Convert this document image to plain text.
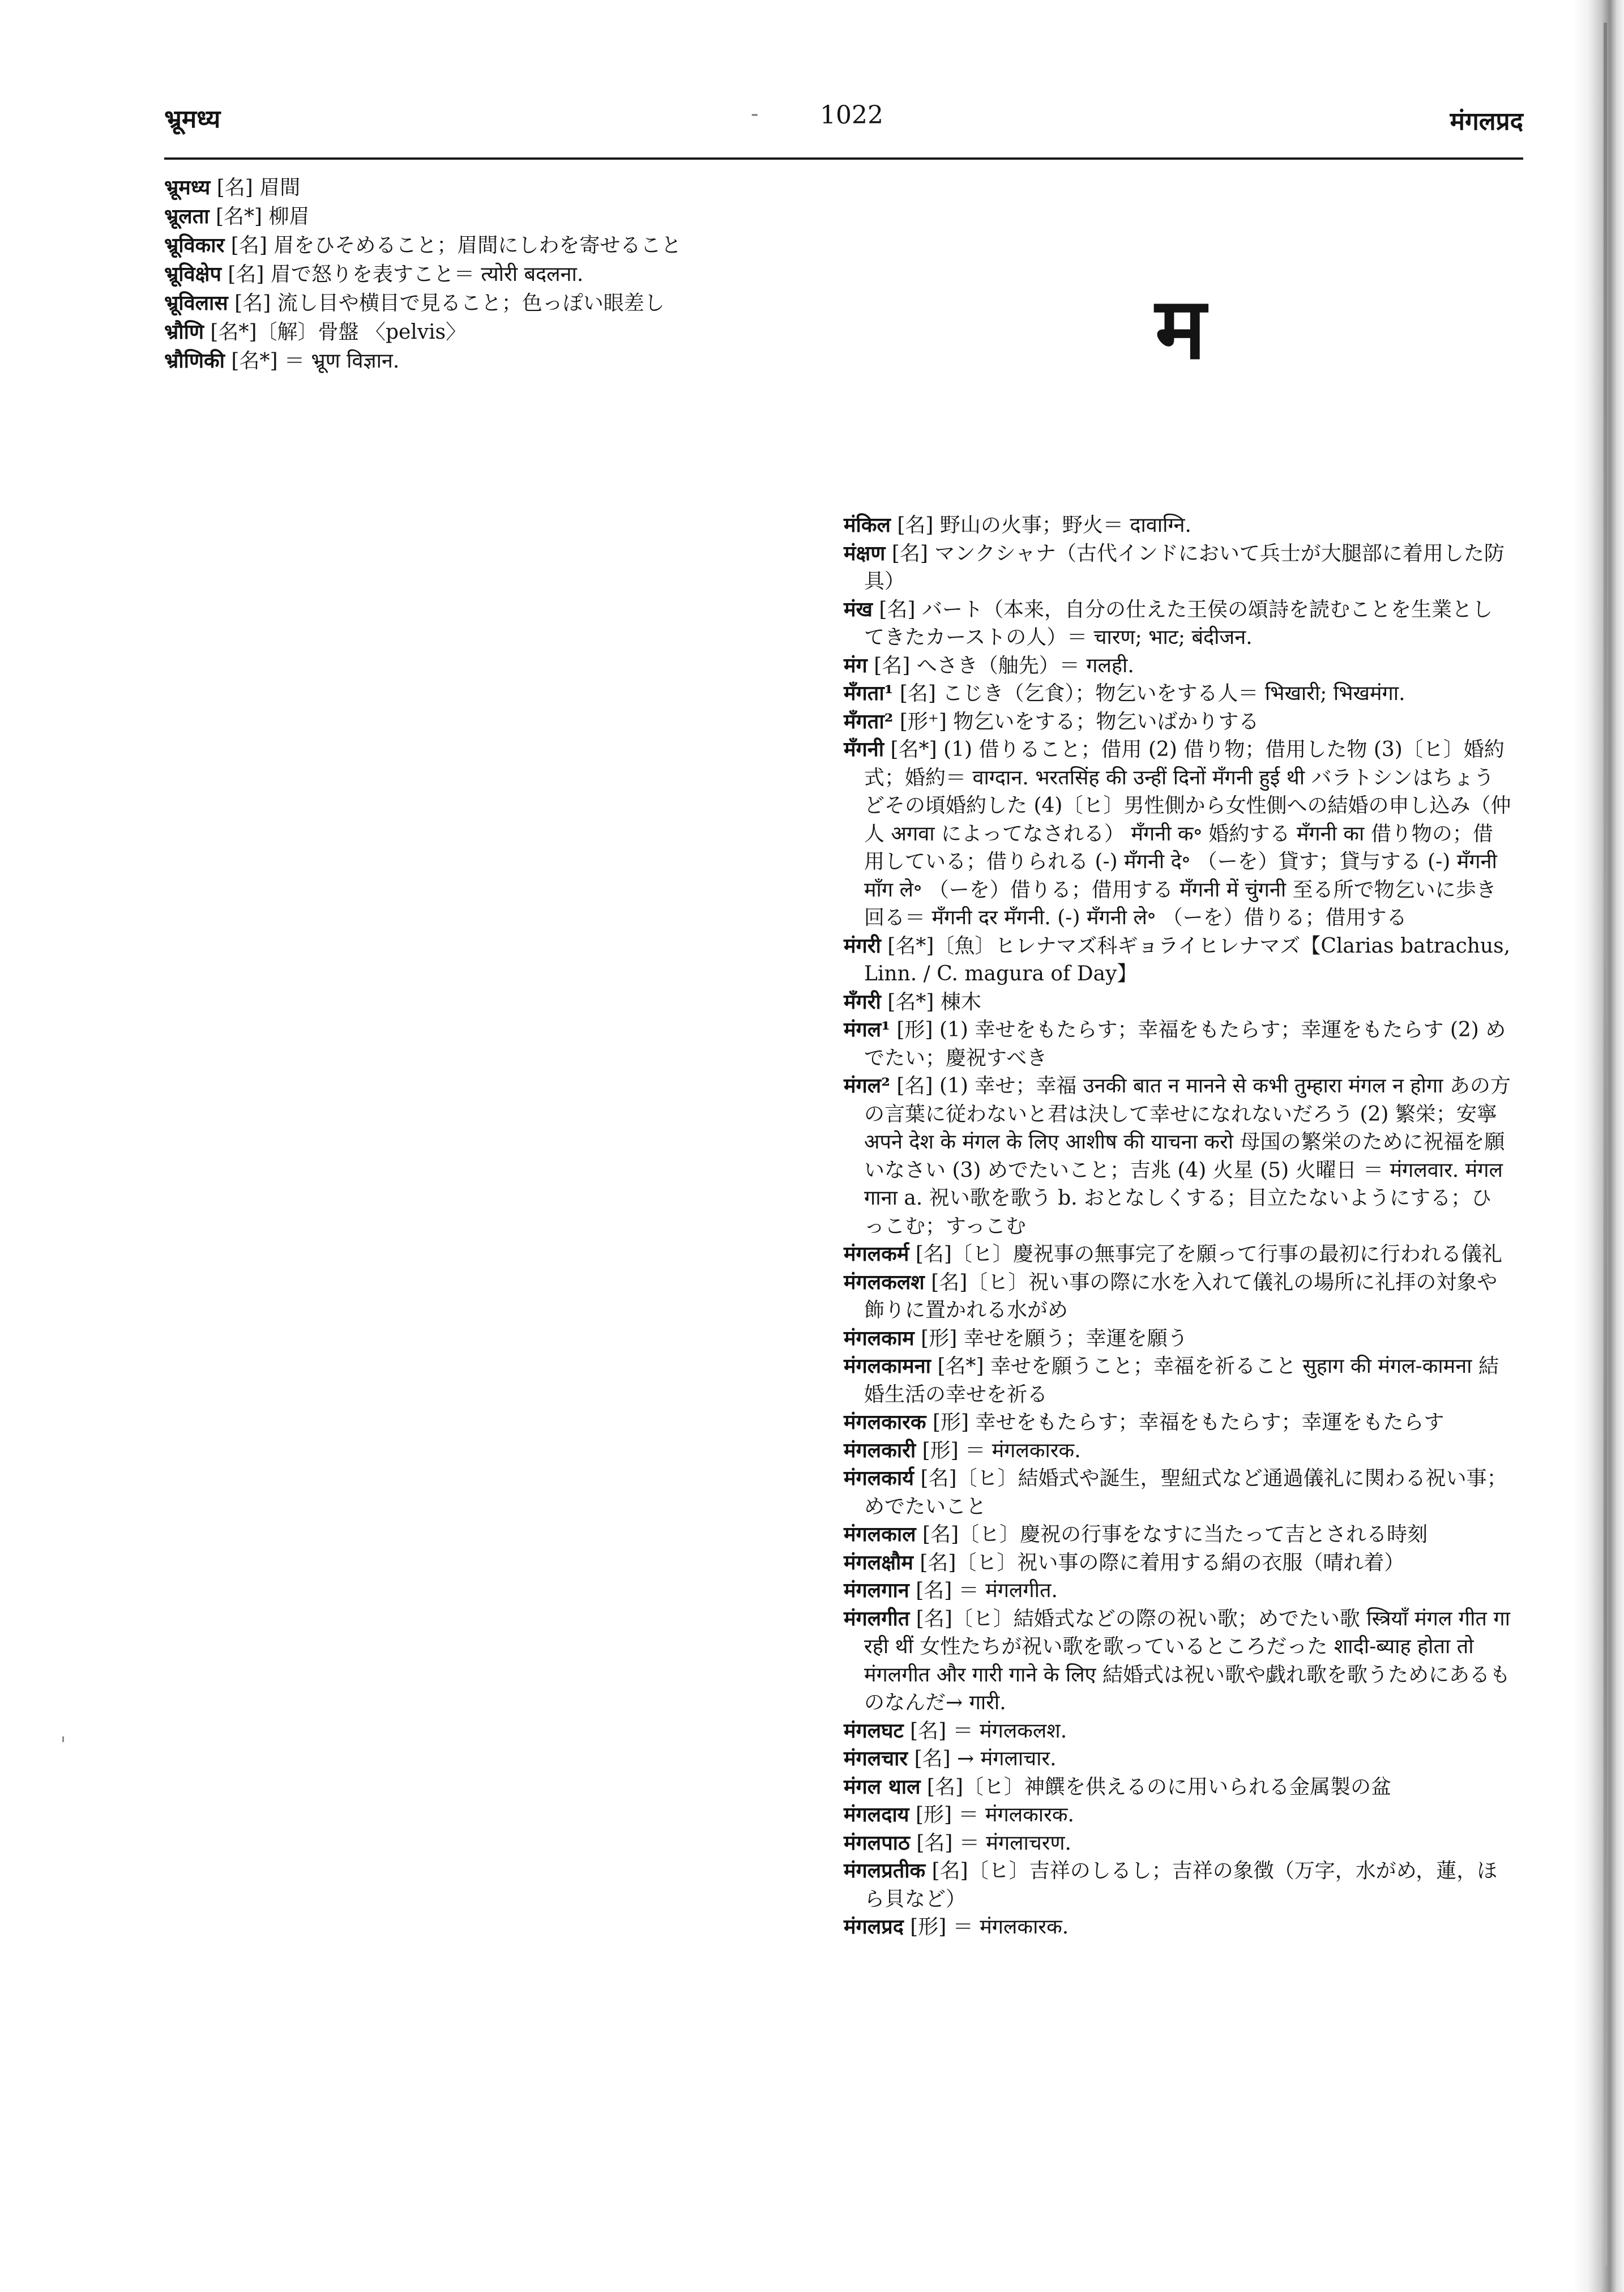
भ्रूमध्य	- 1022	मंगलप्रद

भ्रूमध्य [名] 眉間

भ्रूलता [名*] 柳眉

भ्रूविकार [名] 眉をひそめること；眉間にしわを寄せること

भ्रूविक्षेप [名] 眉で怒りを表すこと＝ त्योरी बदलना.

भ्रूविलास [名] 流し目や横目で見ること；色っぽい眼差し

भ्रौणि [名*]〔解〕骨盤 〈pelvis〉

भ्रौणिकी [名*] ＝ भ्रूण विज्ञान.	म

मंकिल [名] 野山の火事；野火＝ दावाग्नि.

मंक्षण [名] マンクシャナ（古代インドにおいて兵士が大腿部に着用した防具）

मंख [名] バート（本来，自分の仕えた王侯の頌詩を読むことを生業としてきたカーストの人）＝ चारण; भाट; बंदीजन.

मंग [名] へさき（舳先）＝ गलही.

मँगता¹ [名] こじき（乞食）；物乞いをする人＝ भिखारी; भिखमंगा.

मँगता² [形⁺] 物乞いをする；物乞いばかりする

मँगनी [名*] (1) 借りること；借用 (2) 借り物；借用した物 (3)〔ヒ〕婚約式；婚約＝ वाग्दान. भरतसिंह की उन्हीं दिनों मँगनी हुई थी バラトシンはちょうどその頃婚約した (4)〔ヒ〕男性側から女性側への結婚の申し込み（仲人 अगवा によってなされる） मँगनी क॰ 婚約する मँगनी का 借り物の；借用している；借りられる (-) मँगनी दे॰ （ーを）貸す；貸与する (-) मँगनी माँग ले॰ （ーを）借りる；借用する मँगनी में चुंगनी 至る所で物乞いに歩き回る＝ मँगनी दर मँगनी. (-) मँगनी ले॰ （ーを）借りる；借用する

मंगरी [名*]〔魚〕ヒレナマズ科ギョライヒレナマズ【Clarias batrachus, Linn. / C. magura of Day】

मँगरी [名*] 棟木

मंगल¹ [形] (1) 幸せをもたらす；幸福をもたらす；幸運をもたらす (2) めでたい；慶祝すべき

मंगल² [名] (1) 幸せ；幸福 उनकी बात न मानने से कभी तुम्हारा मंगल न होगा あの方の言葉に従わないと君は決して幸せになれないだろう (2) 繁栄；安寧 अपने देश के मंगल के लिए आशीष की याचना करो 母国の繁栄のために祝福を願いなさい (3) めでたいこと；吉兆 (4) 火星 (5) 火曜日 ＝ मंगलवार. मंगल गाना a. 祝い歌を歌う b. おとなしくする；目立たないようにする；ひっこむ；すっこむ

मंगलकर्म [名]〔ヒ〕慶祝事の無事完了を願って行事の最初に行われる儀礼

मंगलकलश [名]〔ヒ〕祝い事の際に水を入れて儀礼の場所に礼拝の対象や飾りに置かれる水がめ

मंगलकाम [形] 幸せを願う；幸運を願う

मंगलकामना [名*] 幸せを願うこと；幸福を祈ること सुहाग की मंगल-कामना 結婚生活の幸せを祈る

मंगलकारक [形] 幸せをもたらす；幸福をもたらす；幸運をもたらす

मंगलकारी [形] ＝ मंगलकारक.

मंगलकार्य [名]〔ヒ〕結婚式や誕生，聖紐式など通過儀礼に関わる祝い事；めでたいこと

मंगलकाल [名]〔ヒ〕慶祝の行事をなすに当たって吉とされる時刻

मंगलक्षौम [名]〔ヒ〕祝い事の際に着用する絹の衣服（晴れ着）

मंगलगान [名] ＝ मंगलगीत.

मंगलगीत [名]〔ヒ〕結婚式などの際の祝い歌；めでたい歌 स्त्रियाँ मंगल गीत गा रही थीं 女性たちが祝い歌を歌っているところだった शादी-ब्याह होता तो मंगलगीत और गारी गाने के लिए 結婚式は祝い歌や戯れ歌を歌うためにあるものなんだ→ गारी.

मंगलघट [名] ＝ मंगलकलश.

मंगलचार [名] → मंगलाचार.

मंगल थाल [名]〔ヒ〕神饌を供えるのに用いられる金属製の盆

मंगलदाय [形] ＝ मंगलकारक.

मंगलपाठ [名] ＝ मंगलाचरण.

मंगलप्रतीक [名]〔ヒ〕吉祥のしるし；吉祥の象徴（万字，水がめ，蓮，ほら貝など）

मंगलप्रद [形] ＝ मंगलकारक.
